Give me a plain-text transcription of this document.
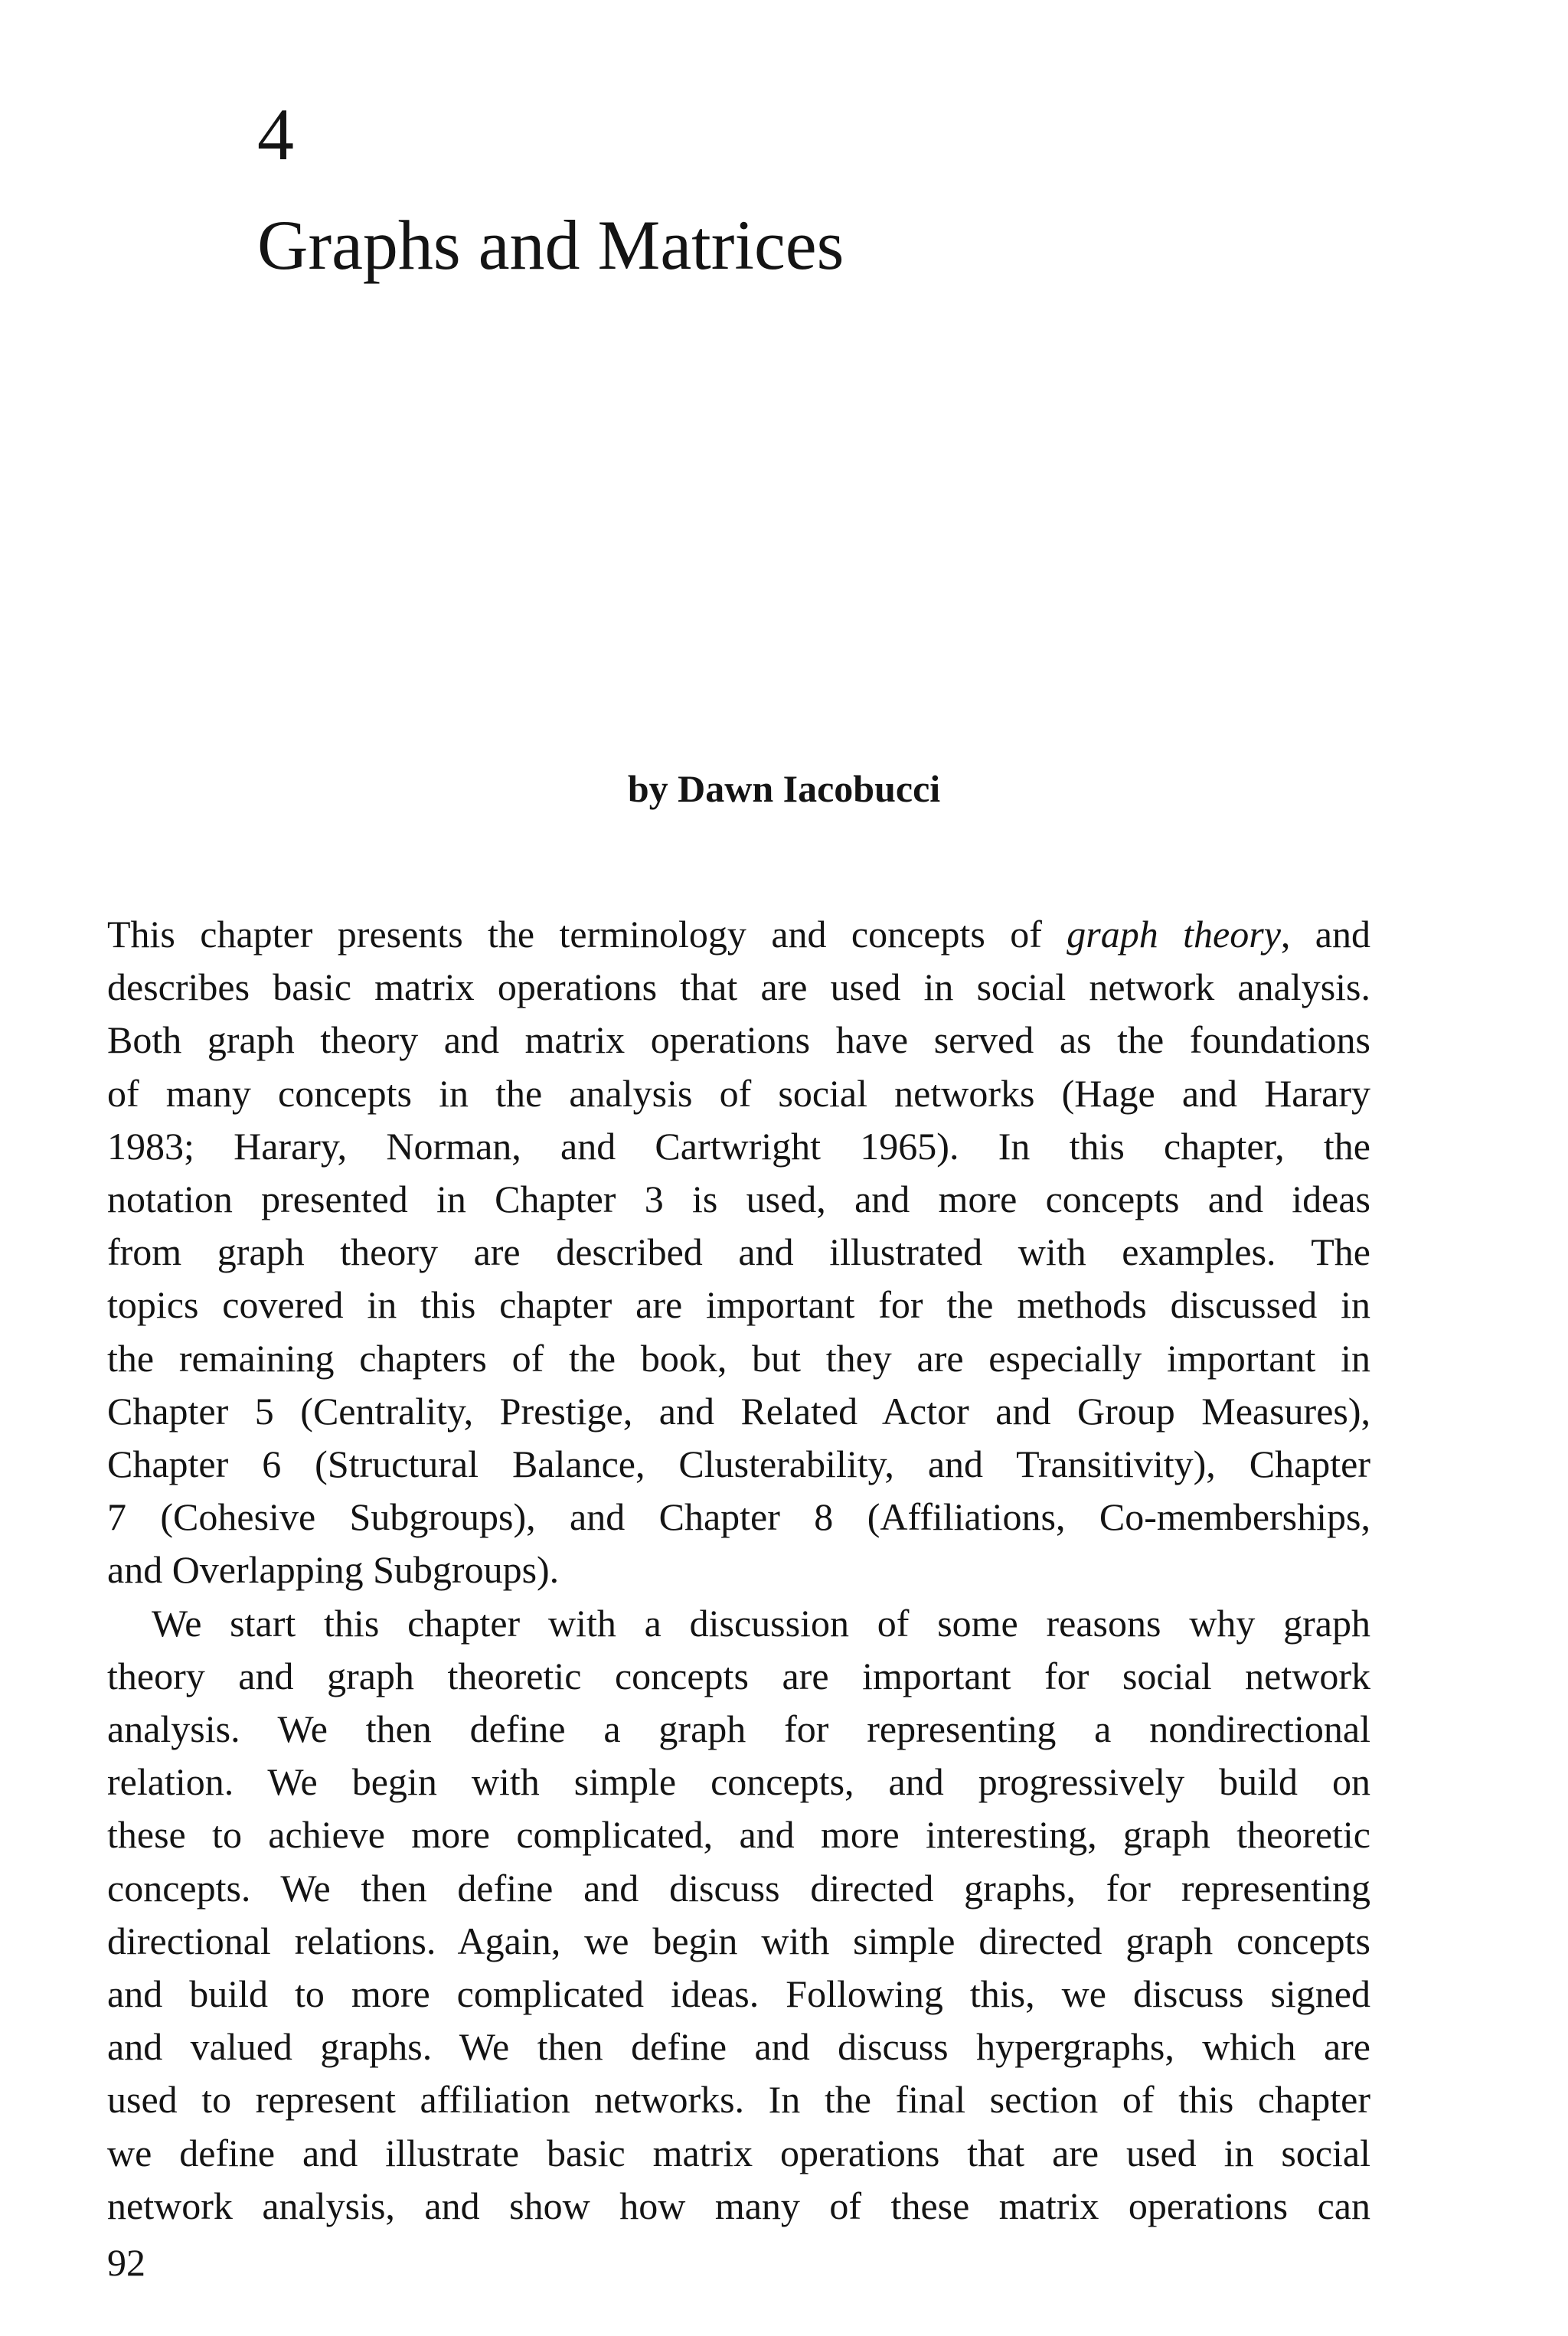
4
Graphs and Matrices
by Dawn Iacobucci

This chapter presents the terminology and concepts of graph theory, and
describes basic matrix operations that are used in social network analysis.
Both graph theory and matrix operations have served as the foundations
of many concepts in the analysis of social networks (Hage and Harary
1983; Harary, Norman, and Cartwright 1965). In this chapter, the
notation presented in Chapter 3 is used, and more concepts and ideas
from graph theory are described and illustrated with examples. The
topics covered in this chapter are important for the methods discussed in
the remaining chapters of the book, but they are especially important in
Chapter 5 (Centrality, Prestige, and Related Actor and Group Measures),
Chapter 6 (Structural Balance, Clusterability, and Transitivity), Chapter
7 (Cohesive Subgroups), and Chapter 8 (Affiliations, Co-memberships,
and Overlapping Subgroups).

We start this chapter with a discussion of some reasons why graph
theory and graph theoretic concepts are important for social network
analysis. We then define a graph for representing a nondirectional
relation. We begin with simple concepts, and progressively build on
these to achieve more complicated, and more interesting, graph theoretic
concepts. We then define and discuss directed graphs, for representing
directional relations. Again, we begin with simple directed graph concepts
and build to more complicated ideas. Following this, we discuss signed
and valued graphs. We then define and discuss hypergraphs, which are
used to represent affiliation networks. In the final section of this chapter
we define and illustrate basic matrix operations that are used in social
network analysis, and show how many of these matrix operations can

92
